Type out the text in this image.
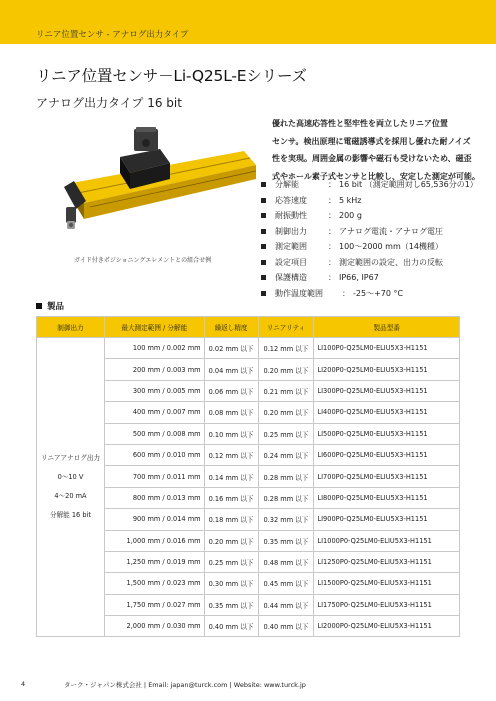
リニア位置センサ - アナログ出力タイプ
リニア位置センサ－Li-Q25L-Eシリーズ
アナログ出力タイプ 16 bit
ガイド付きポジショニングエレメントとの組合せ例
優れた高速応答性と堅牢性を両立したリニア位置
センサ。検出原理に電磁誘導式を採用し優れた耐ノイズ
性を実現。周囲金属の影響や磁石も受けないため、磁歪
式やホール素子式センサと比較し、安定した測定が可能。
分解能	： 16 bit （測定範囲対し65,536分の1）
応答速度	： 5 kHz
耐振動性	： 200 g
制御出力	： アナログ電流・アナログ電圧
測定範囲	： 100～2000 mm（14機種）
設定項目	： 測定範囲の設定、出力の反転
保護構造	： IP66, IP67
動作温度範囲	： -25～+70 °C
製品
制御出力	最大測定範囲 / 分解能	繰返し精度	リニアリティ	製品型番

リニアアナログ出力
0～10 V
4～20 mA
分解能 16 bit	100 mm / 0.002 mm	0.02 mm 以下	0.12 mm 以下	LI100P0-Q25LM0-ELIU5X3-H1151
	200 mm / 0.003 mm	0.04 mm 以下	0.20 mm 以下	LI200P0-Q25LM0-ELIU5X3-H1151
	300 mm / 0.005 mm	0.06 mm 以下	0.21 mm 以下	LI300P0-Q25LM0-ELIU5X3-H1151
	400 mm / 0.007 mm	0.08 mm 以下	0.20 mm 以下	LI400P0-Q25LM0-ELIU5X3-H1151
	500 mm / 0.008 mm	0.10 mm 以下	0.25 mm 以下	LI500P0-Q25LM0-ELIU5X3-H1151
	600 mm / 0.010 mm	0.12 mm 以下	0.24 mm 以下	LI600P0-Q25LM0-ELIU5X3-H1151
	700 mm / 0.011 mm	0.14 mm 以下	0.28 mm 以下	LI700P0-Q25LM0-ELIU5X3-H1151
	800 mm / 0.013 mm	0.16 mm 以下	0.28 mm 以下	LI800P0-Q25LM0-ELIU5X3-H1151
	900 mm / 0.014 mm	0.18 mm 以下	0.32 mm 以下	LI900P0-Q25LM0-ELIU5X3-H1151
	1,000 mm / 0.016 mm	0.20 mm 以下	0.35 mm 以下	LI1000P0-Q25LM0-ELIU5X3-H1151
	1,250 mm / 0.019 mm	0.25 mm 以下	0.48 mm 以下	LI1250P0-Q25LM0-ELIU5X3-H1151
	1,500 mm / 0.023 mm	0.30 mm 以下	0.45 mm 以下	LI1500P0-Q25LM0-ELIU5X3-H1151
	1,750 mm / 0.027 mm	0.35 mm 以下	0.44 mm 以下	LI1750P0-Q25LM0-ELIU5X3-H1151
	2,000 mm / 0.030 mm	0.40 mm 以下	0.40 mm 以下	LI2000P0-Q25LM0-ELIU5X3-H1151
4	ターク・ジャパン株式会社 | Email: japan@turck.com | Website: www.turck.jp
